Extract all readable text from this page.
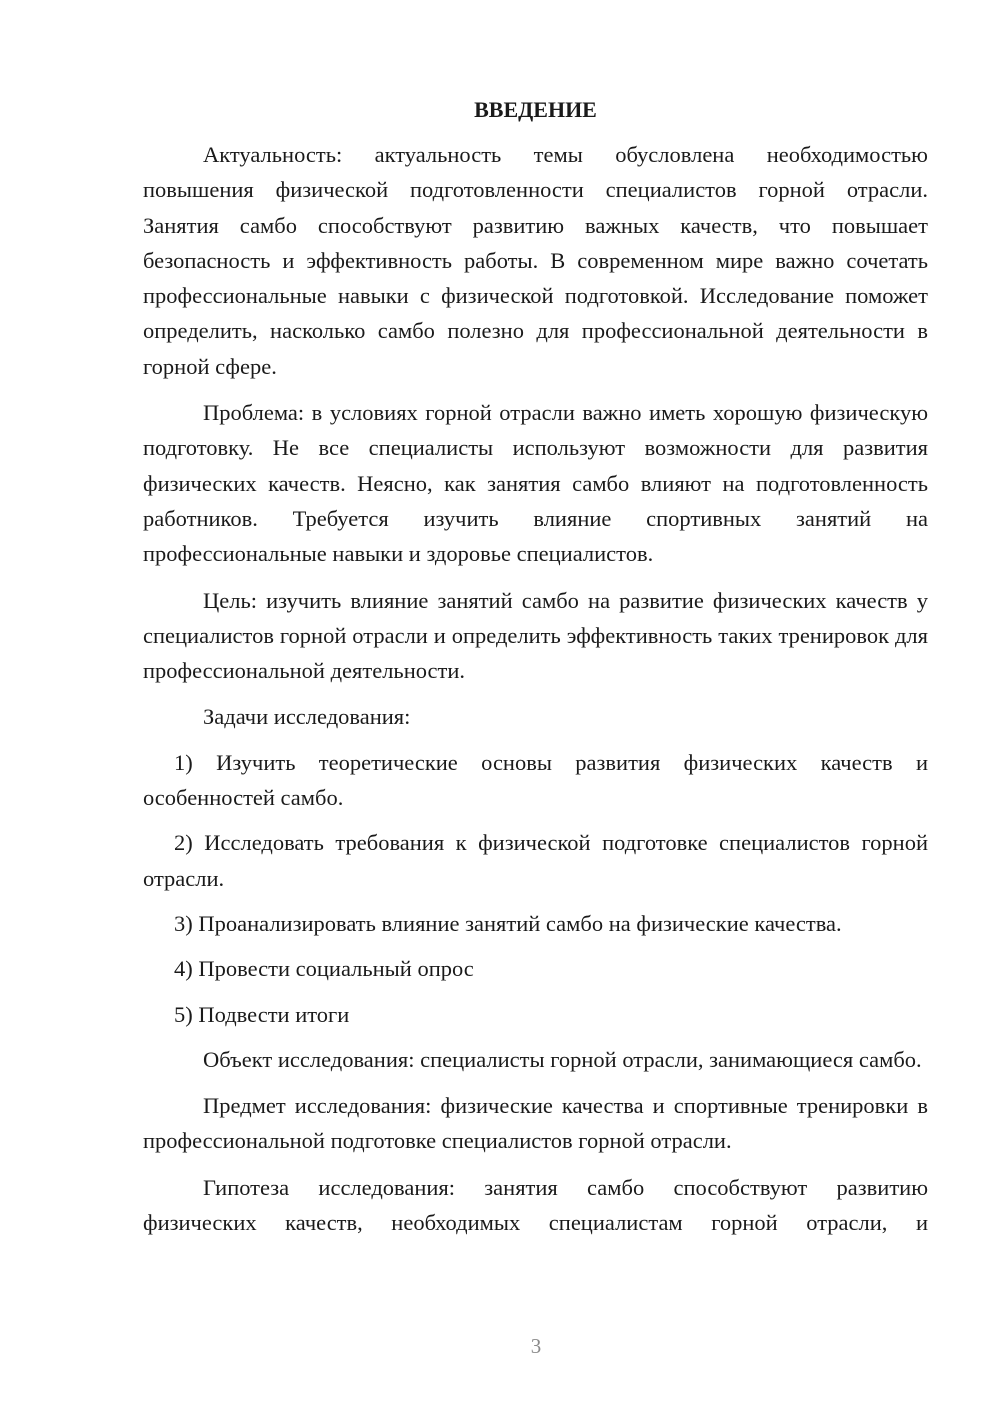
ВВЕДЕНИЕ

Актуальность: актуальность темы обусловлена необходимостью повышения физической подготовленности специалистов горной отрасли. Занятия самбо способствуют развитию важных качеств, что повышает безопасность и эффективность работы. В современном мире важно сочетать профессиональные навыки с физической подготовкой. Исследование поможет определить, насколько самбо полезно для профессиональной деятельности в горной сфере.

Проблема: в условиях горной отрасли важно иметь хорошую физическую подготовку. Не все специалисты используют возможности для развития физических качеств. Неясно, как занятия самбо влияют на подготовленность работников. Требуется изучить влияние спортивных занятий на профессиональные навыки и здоровье специалистов.

Цель: изучить влияние занятий самбо на развитие физических качеств у специалистов горной отрасли и определить эффективность таких тренировок для профессиональной деятельности.

Задачи исследования:

1) Изучить теоретические основы развития физических качеств и особенностей самбо.

2) Исследовать требования к физической подготовке специалистов горной отрасли.

3) Проанализировать влияние занятий самбо на физические качества.

4) Провести социальный опрос

5) Подвести итоги

Объект исследования: специалисты горной отрасли, занимающиеся самбо.

Предмет исследования: физические качества и спортивные тренировки в профессиональной подготовке специалистов горной отрасли.

Гипотеза исследования: занятия самбо способствуют развитию физических качеств, необходимых специалистам горной отрасли, и

3
